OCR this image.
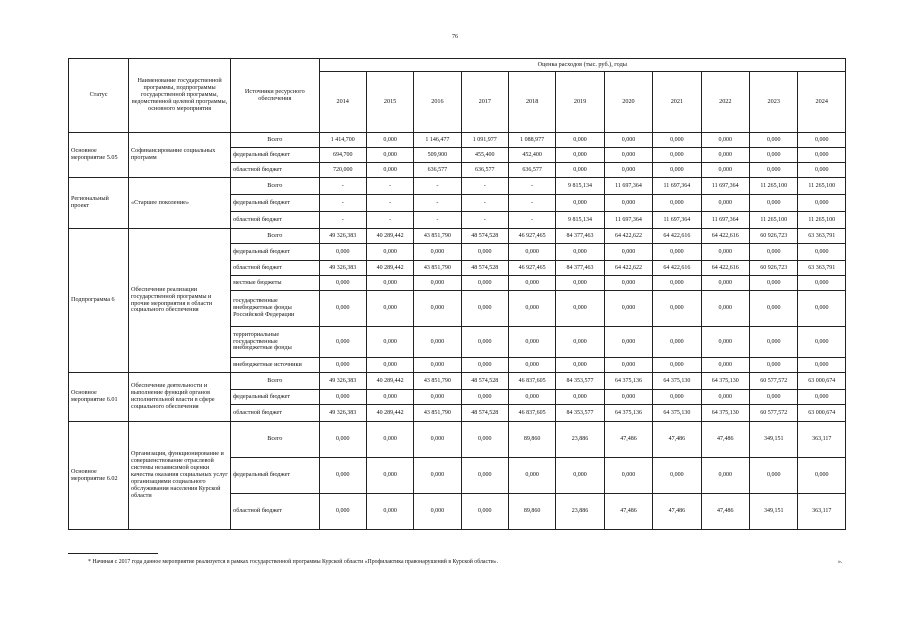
76
Статус	Наименование государственной программы, подпрограммы государственной программы, ведомственной целевой программы, основного мероприятия	Источники ресурсного обеспечения	Оценка расходов (тыс. руб.), годы										
			2014	2015	2016	2017	2018	2019	2020	2021	2022	2023	2024
Основное мероприятие 5.05	Софинансирование социальных программ	Всего	1 414,700	0,000	1 146,477	1 091,977	1 088,977	0,000	0,000	0,000	0,000	0,000	0,000
		федеральный бюджет	694,700	0,000	509,900	455,400	452,400	0,000	0,000	0,000	0,000	0,000	0,000
		областной бюджет	720,000	0,000	636,577	636,577	636,577	0,000	0,000	0,000	0,000	0,000	0,000
Региональный проект	«Старшее поколение»	Всего	-	-	-	-	-	9 815,134	11 697,364	11 697,364	11 697,364	11 265,100	11 265,100
		федеральный бюджет	-	-	-	-	-	0,000	0,000	0,000	0,000	0,000	0,000
		областной бюджет	-	-	-	-	-	9 815,134	11 697,364	11 697,364	11 697,364	11 265,100	11 265,100
Подпрограмма 6	Обеспечение реализации государственной программы и прочие мероприятия в области социального обеспечения	Всего	49 326,383	40 289,442	43 851,790	48 574,528	46 927,465	84 377,463	64 422,622	64 422,616	64 422,616	60 926,723	63 363,791
		федеральный бюджет	0,000	0,000	0,000	0,000	0,000	0,000	0,000	0,000	0,000	0,000	0,000
		областной бюджет	49 326,383	40 289,442	43 851,790	48 574,528	46 927,465	84 377,463	64 422,622	64 422,616	64 422,616	60 926,723	63 363,791
		местные бюджеты	0,000	0,000	0,000	0,000	0,000	0,000	0,000	0,000	0,000	0,000	0,000
		государственные внебюджетные фонды Российской Федерации	0,000	0,000	0,000	0,000	0,000	0,000	0,000	0,000	0,000	0,000	0,000
		территориальные государственные внебюджетные фонды	0,000	0,000	0,000	0,000	0,000	0,000	0,000	0,000	0,000	0,000	0,000
		внебюджетные источники	0,000	0,000	0,000	0,000	0,000	0,000	0,000	0,000	0,000	0,000	0,000
Основное мероприятие 6.01	Обеспечение деятельности и выполнение функций органов исполнительной власти в сфере социального обеспечения	Всего	49 326,383	40 289,442	43 851,790	48 574,528	46 837,605	84 353,577	64 375,136	64 375,130	64 375,130	60 577,572	63 000,674
		федеральный бюджет	0,000	0,000	0,000	0,000	0,000	0,000	0,000	0,000	0,000	0,000	0,000
		областной бюджет	49 326,383	40 289,442	43 851,790	48 574,528	46 837,605	84 353,577	64 375,136	64 375,130	64 375,130	60 577,572	63 000,674
Основное мероприятие 6.02	Организация, функционирование и совершенствование отраслевой системы независимой оценки качества оказания социальных услуг организациями социального обслуживания населения Курской области	Всего	0,000	0,000	0,000	0,000	89,860	23,886	47,486	47,486	47,486	349,151	363,117
		федеральный бюджет	0,000	0,000	0,000	0,000	0,000	0,000	0,000	0,000	0,000	0,000	0,000
		областной бюджет	0,000	0,000	0,000	0,000	89,860	23,886	47,486	47,486	47,486	349,151	363,117
* Начиная с 2017 года данное мероприятие реализуется в рамках государственной программы Курской области «Профилактика правонарушений в Курской области».	».
